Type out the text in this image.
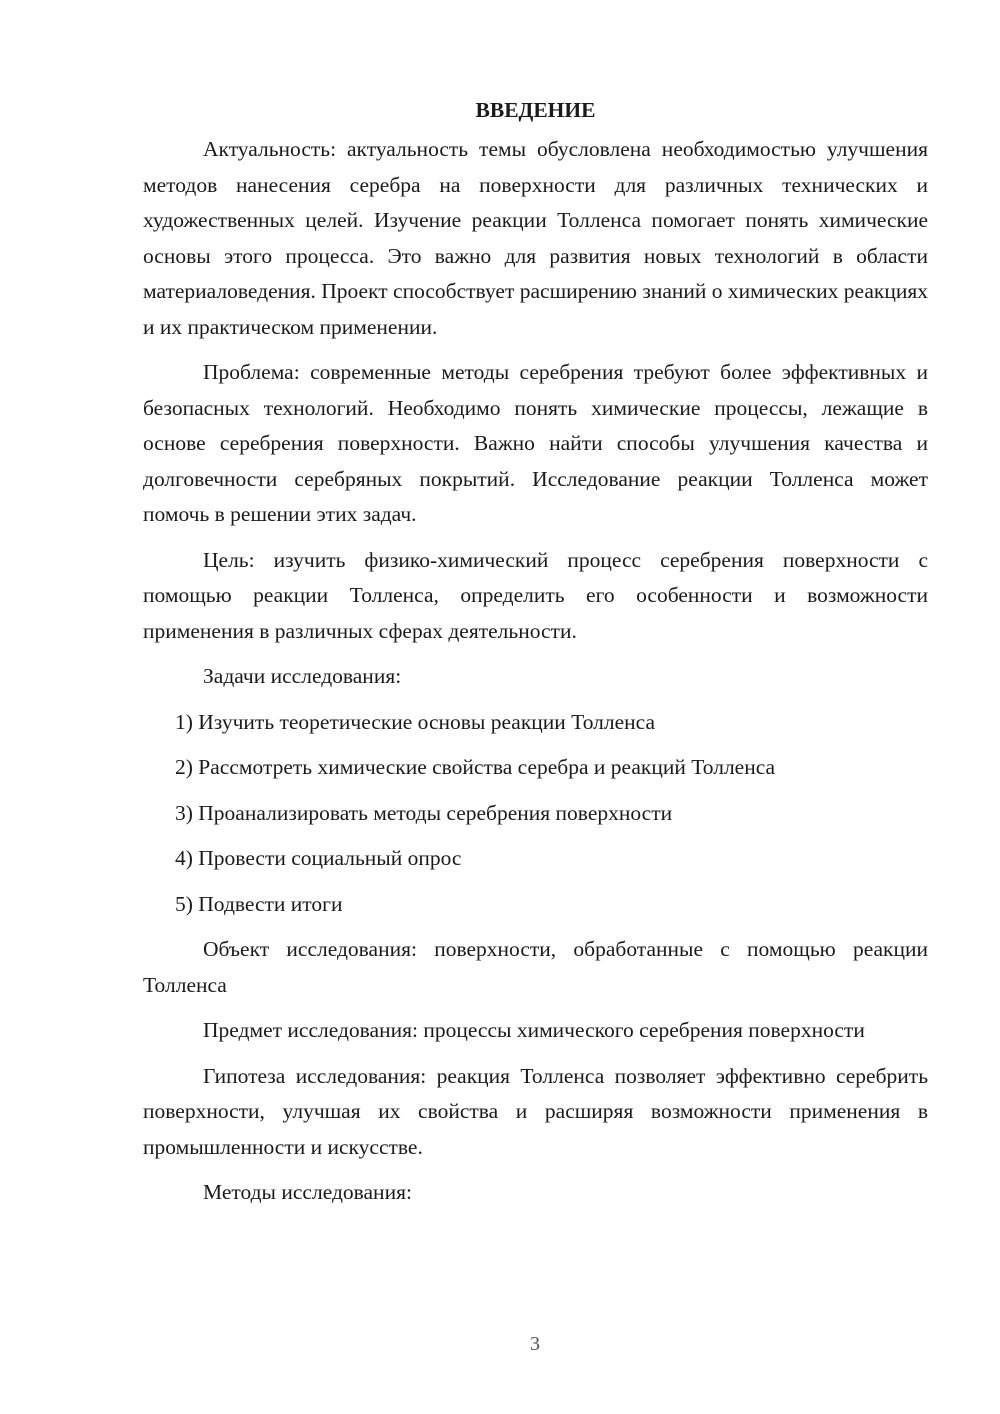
ВВЕДЕНИЕ

Актуальность: актуальность темы обусловлена необходимостью улучшения методов нанесения серебра на поверхности для различных технических и художественных целей. Изучение реакции Толленса помогает понять химические основы этого процесса. Это важно для развития новых технологий в области материаловедения. Проект способствует расширению знаний о химических реакциях и их практическом применении.

Проблема: современные методы серебрения требуют более эффективных и безопасных технологий. Необходимо понять химические процессы, лежащие в основе серебрения поверхности. Важно найти способы улучшения качества и долговечности серебряных покрытий. Исследование реакции Толленса может помочь в решении этих задач.

Цель: изучить физико-химический процесс серебрения поверхности с помощью реакции Толленса, определить его особенности и возможности применения в различных сферах деятельности.

Задачи исследования:

1) Изучить теоретические основы реакции Толленса
2) Рассмотреть химические свойства серебра и реакций Толленса
3) Проанализировать методы серебрения поверхности
4) Провести социальный опрос
5) Подвести итоги

Объект исследования: поверхности, обработанные с помощью реакции Толленса

Предмет исследования: процессы химического серебрения поверхности

Гипотеза исследования: реакция Толленса позволяет эффективно серебрить поверхности, улучшая их свойства и расширяя возможности применения в промышленности и искусстве.

Методы исследования:

3
